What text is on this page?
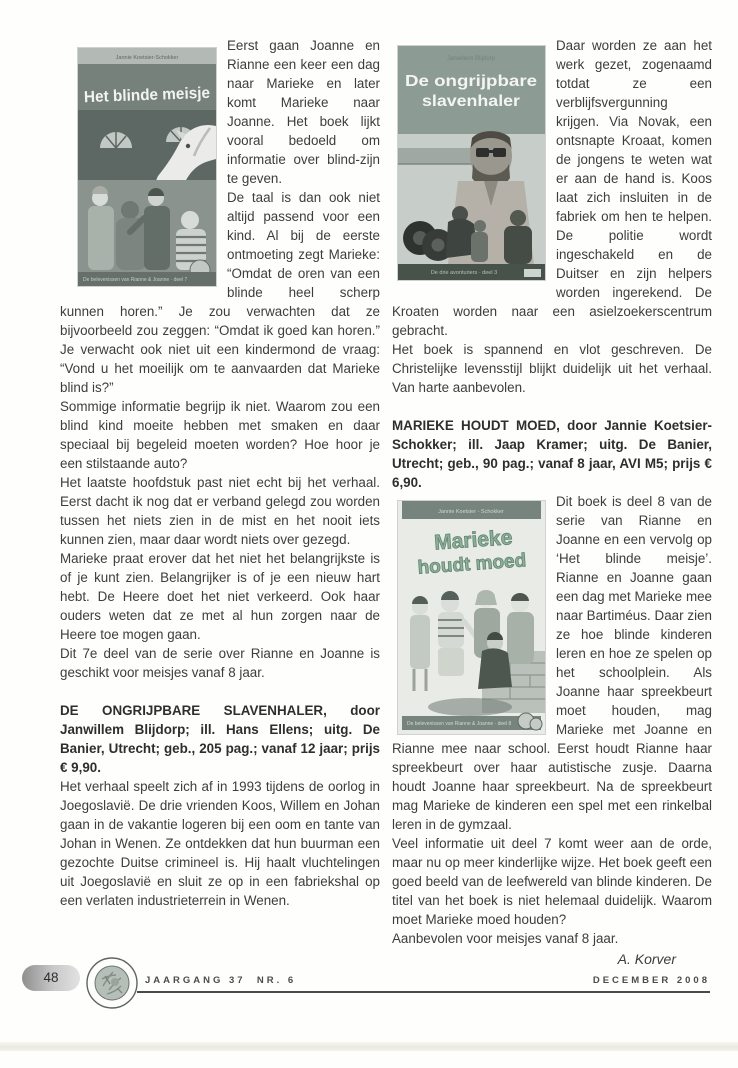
Jannie Koetsier-Schokker
De belevenissen van Rianne & Joanne · deel 7
Het blinde meisje

Eerst gaan Joanne en Rianne een keer een dag naar Marieke en later komt Marieke naar Joanne. Het boek lijkt vooral bedoeld om informatie over blind-zijn te geven.

De taal is dan ook niet altijd passend voor een kind. Al bij de eerste ontmoeting zegt Marieke: “Omdat de oren van een blinde heel scherp kunnen horen.” Je zou verwachten dat ze bijvoorbeeld zou zeggen: “Omdat ik goed kan horen.” Je verwacht ook niet uit een kindermond de vraag: “Vond u het moeilijk om te aanvaarden dat Marieke blind is?”

Sommige informatie begrijp ik niet. Waarom zou een blind kind moeite hebben met smaken en daar speciaal bij begeleid moeten worden? Hoe hoor je een stilstaande auto?

Het laatste hoofdstuk past niet echt bij het verhaal. Eerst dacht ik nog dat er verband gelegd zou worden tussen het niets zien in de mist en het nooit iets kunnen zien, maar daar wordt niets over gezegd.

Marieke praat erover dat het niet het belangrijkste is of je kunt zien. Belangrijker is of je een nieuw hart hebt. De Heere doet het niet verkeerd. Ook haar ouders weten dat ze met al hun zorgen naar de Heere toe mogen gaan.

Dit 7e deel van de serie over Rianne en Joanne is geschikt voor meisjes vanaf 8 jaar.

DE ONGRIJPBARE SLAVENHALER, door Janwillem Blijdorp; ill. Hans Ellens; uitg. De Banier, Utrecht; geb., 205 pag.; vanaf 12 jaar; prijs € 9,90.

Het verhaal speelt zich af in 1993 tijdens de oorlog in Joegoslavië. De drie vrienden Koos, Willem en Johan gaan in de vakantie logeren bij een oom en tante van Johan in Wenen. Ze ontdekken dat hun buurman een gezochte Duitse crimineel is. Hij haalt vluchtelingen uit Joegoslavië en sluit ze op in een fabriekshal op een verlaten industrieterrein in Wenen.

Janwillem Blijdorp
De ongrijpbare
slavenhaler
De drie avonturiers · deel 3

Daar worden ze aan het werk gezet, zogenaamd totdat ze een verblijfsvergunning krijgen. Via Novak, een ontsnapte Kroaat, komen de jongens te weten wat er aan de hand is. Koos laat zich insluiten in de fabriek om hen te helpen. De politie wordt ingeschakeld en de Duitser en zijn helpers worden ingerekend. De Kroaten worden naar een asielzoekerscentrum gebracht.

Het boek is spannend en vlot geschreven. De Christelijke levensstijl blijkt duidelijk uit het verhaal. Van harte aanbevolen.

MARIEKE HOUDT MOED, door Jannie Koetsier-Schokker; ill. Jaap Kramer; uitg. De Banier, Utrecht; geb., 90 pag.; vanaf 8 jaar, AVI M5; prijs € 6,90.

Jannie Koetsier - Schokker
Marieke
houdt moed
De belevenissen van Rianne & Joanne · deel 8

Dit boek is deel 8 van de serie van Rianne en Joanne en een vervolg op ‘Het blinde meisje’. Rianne en Joanne gaan een dag met Marieke mee naar Bartiméus. Daar zien ze hoe blinde kinderen leren en hoe ze spelen op het schoolplein. Als Joanne haar spreekbeurt moet houden, mag Marieke met Joanne en Rianne mee naar school. Eerst houdt Rianne haar spreekbeurt over haar autistische zusje. Daarna houdt Joanne haar spreekbeurt. Na de spreekbeurt mag Marieke de kinderen een spel met een rinkelbal leren in de gymzaal.

Veel informatie uit deel 7 komt weer aan de orde, maar nu op meer kinderlijke wijze. Het boek geeft een goed beeld van de leefwereld van blinde kinderen. De titel van het boek is niet helemaal duidelijk. Waarom moet Marieke moed houden?

Aanbevolen voor meisjes vanaf 8 jaar.

A. Korver

48	JAARGANG 37  NR. 6	DECEMBER 2008
